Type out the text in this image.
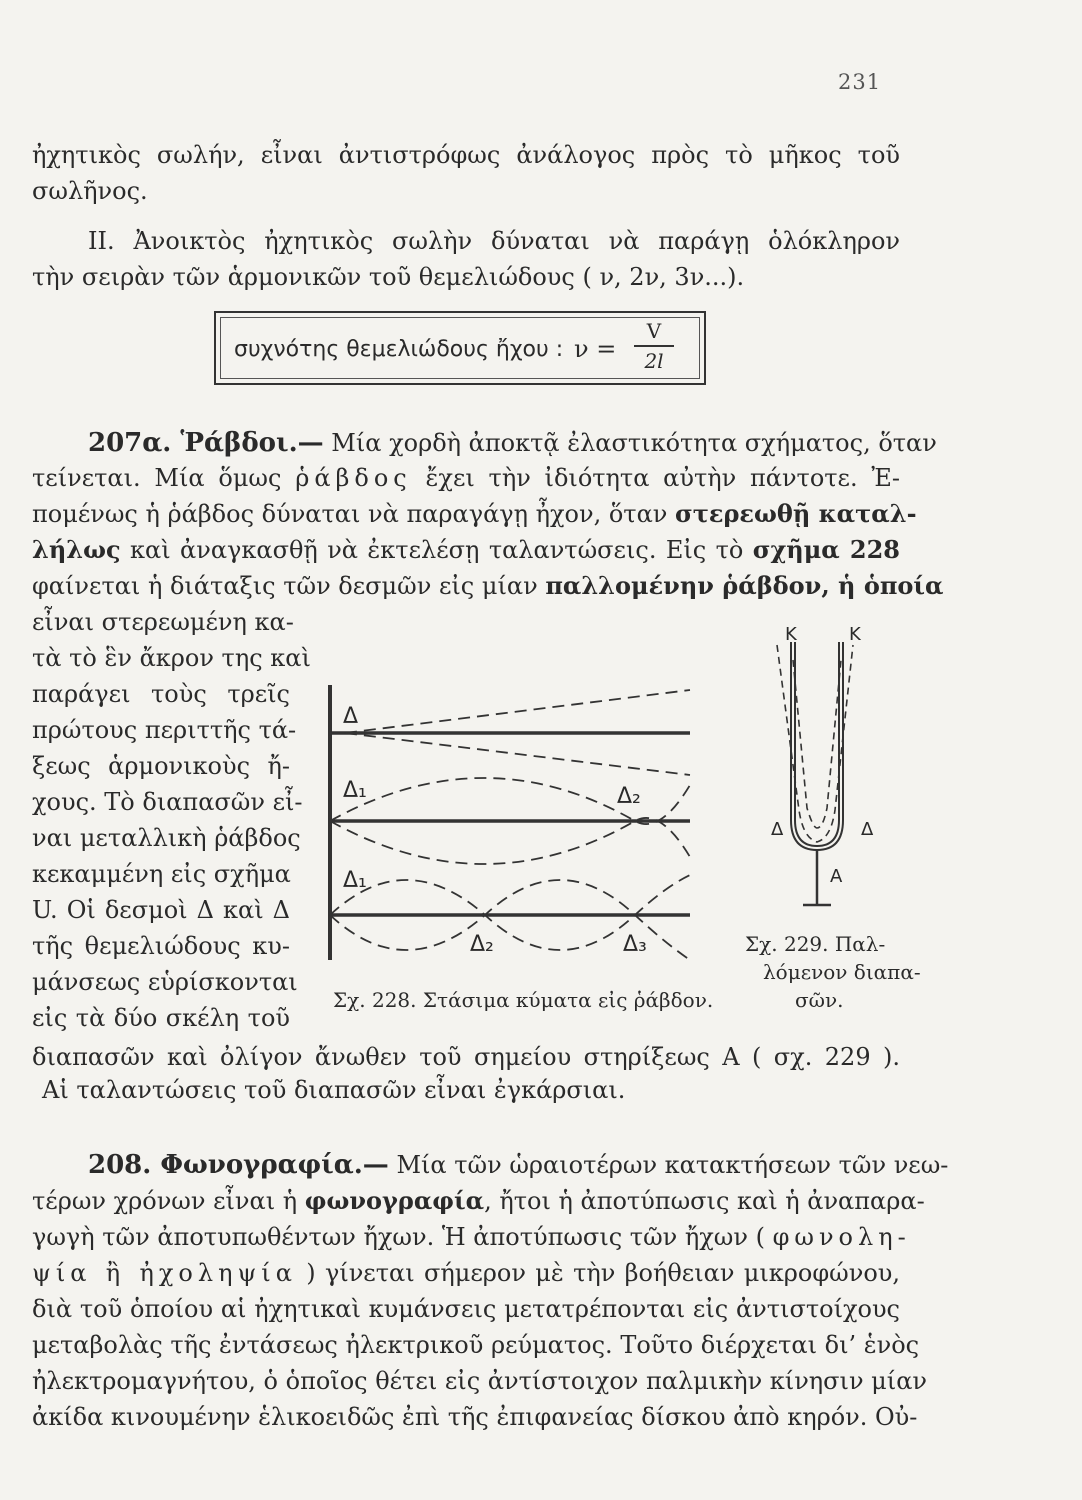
231
ἠχητικὸς σωλήν, εἶναι ἀντιστρόφως ἀνάλογος πρὸς τὸ μῆκος τοῦ
σωλῆνος.
II. Ἀνοικτὸς ἠχητικὸς σωλὴν δύναται νὰ παράγῃ ὁλόκληρον
τὴν σειρὰν τῶν ἁρμονικῶν τοῦ θεμελιώδους ( ν, 2ν, 3ν...).
συχνότης θεμελιώδους ἤχου : $\nu = \frac{V}{2l}$
207α. Ῥάβδοι.— Μία χορδὴ ἀποκτᾷ ἐλαστικότητα σχήματος, ὅταν
τείνεται. Μία ὅμως ῥάβδος ἔχει τὴν ἰδιότητα αὐτὴν πάντοτε. Ἐ-
πομένως ἡ ῥάβδος δύναται νὰ παραγάγῃ ἦχον, ὅταν στερεωθῇ καταλ-
λήλως καὶ ἀναγκασθῇ νὰ ἐκτελέσῃ ταλαντώσεις. Εἰς τὸ σχῆμα 228
φαίνεται ἡ διάταξις τῶν δεσμῶν εἰς μίαν παλλομένην ῥάβδον, ἡ ὁποία
εἶναι στερεωμένη κα-
τὰ τὸ ἓν ἄκρον της καὶ
παράγει τοὺς τρεῖς
πρώτους περιττῆς τά-
ξεως ἁρμονικοὺς ἤ-
χους. Τὸ διαπασῶν εἶ-
ναι μεταλλικὴ ῥάβδος
κεκαμμένη εἰς σχῆμα
U. Οἱ δεσμοὶ Δ καὶ Δ
τῆς θεμελιώδους κυ-
μάνσεως εὑρίσκονται
εἰς τὰ δύο σκέλη τοῦ
Δ
Δ₁	Δ₂
Δ₁
Δ₂	Δ₃
Σχ. 228. Στάσιμα κύματα εἰς ῥάβδον.
K	K
Δ	Δ
A
Σχ. 229. Παλ-
λόμενον διαπα-
σῶν.
διαπασῶν καὶ ὀλίγον ἄνωθεν τοῦ σημείου στηρίξεως Α ( σχ. 229 ).
Αἱ ταλαντώσεις τοῦ διαπασῶν εἶναι ἐγκάρσιαι.
208. Φωνογραφία.— Μία τῶν ὡραιοτέρων κατακτήσεων τῶν νεω-
τέρων χρόνων εἶναι ἡ φωνογραφία, ἤτοι ἡ ἀποτύπωσις καὶ ἡ ἀναπαρα-
γωγὴ τῶν ἀποτυπωθέντων ἤχων. Ἡ ἀποτύπωσις τῶν ἤχων ( φωνολη-
ψία ἢ ἠχοληψία ) γίνεται σήμερον μὲ τὴν βοήθειαν μικροφώνου,
διὰ τοῦ ὁποίου αἱ ἠχητικαὶ κυμάνσεις μετατρέπονται εἰς ἀντιστοίχους
μεταβολὰς τῆς ἐντάσεως ἠλεκτρικοῦ ρεύματος. Τοῦτο διέρχεται δι’ ἑνὸς
ἠλεκτρομαγνήτου, ὁ ὁποῖος θέτει εἰς ἀντίστοιχον παλμικὴν κίνησιν μίαν
ἀκίδα κινουμένην ἑλικοειδῶς ἐπὶ τῆς ἐπιφανείας δίσκου ἀπὸ κηρόν. Οὐ-
